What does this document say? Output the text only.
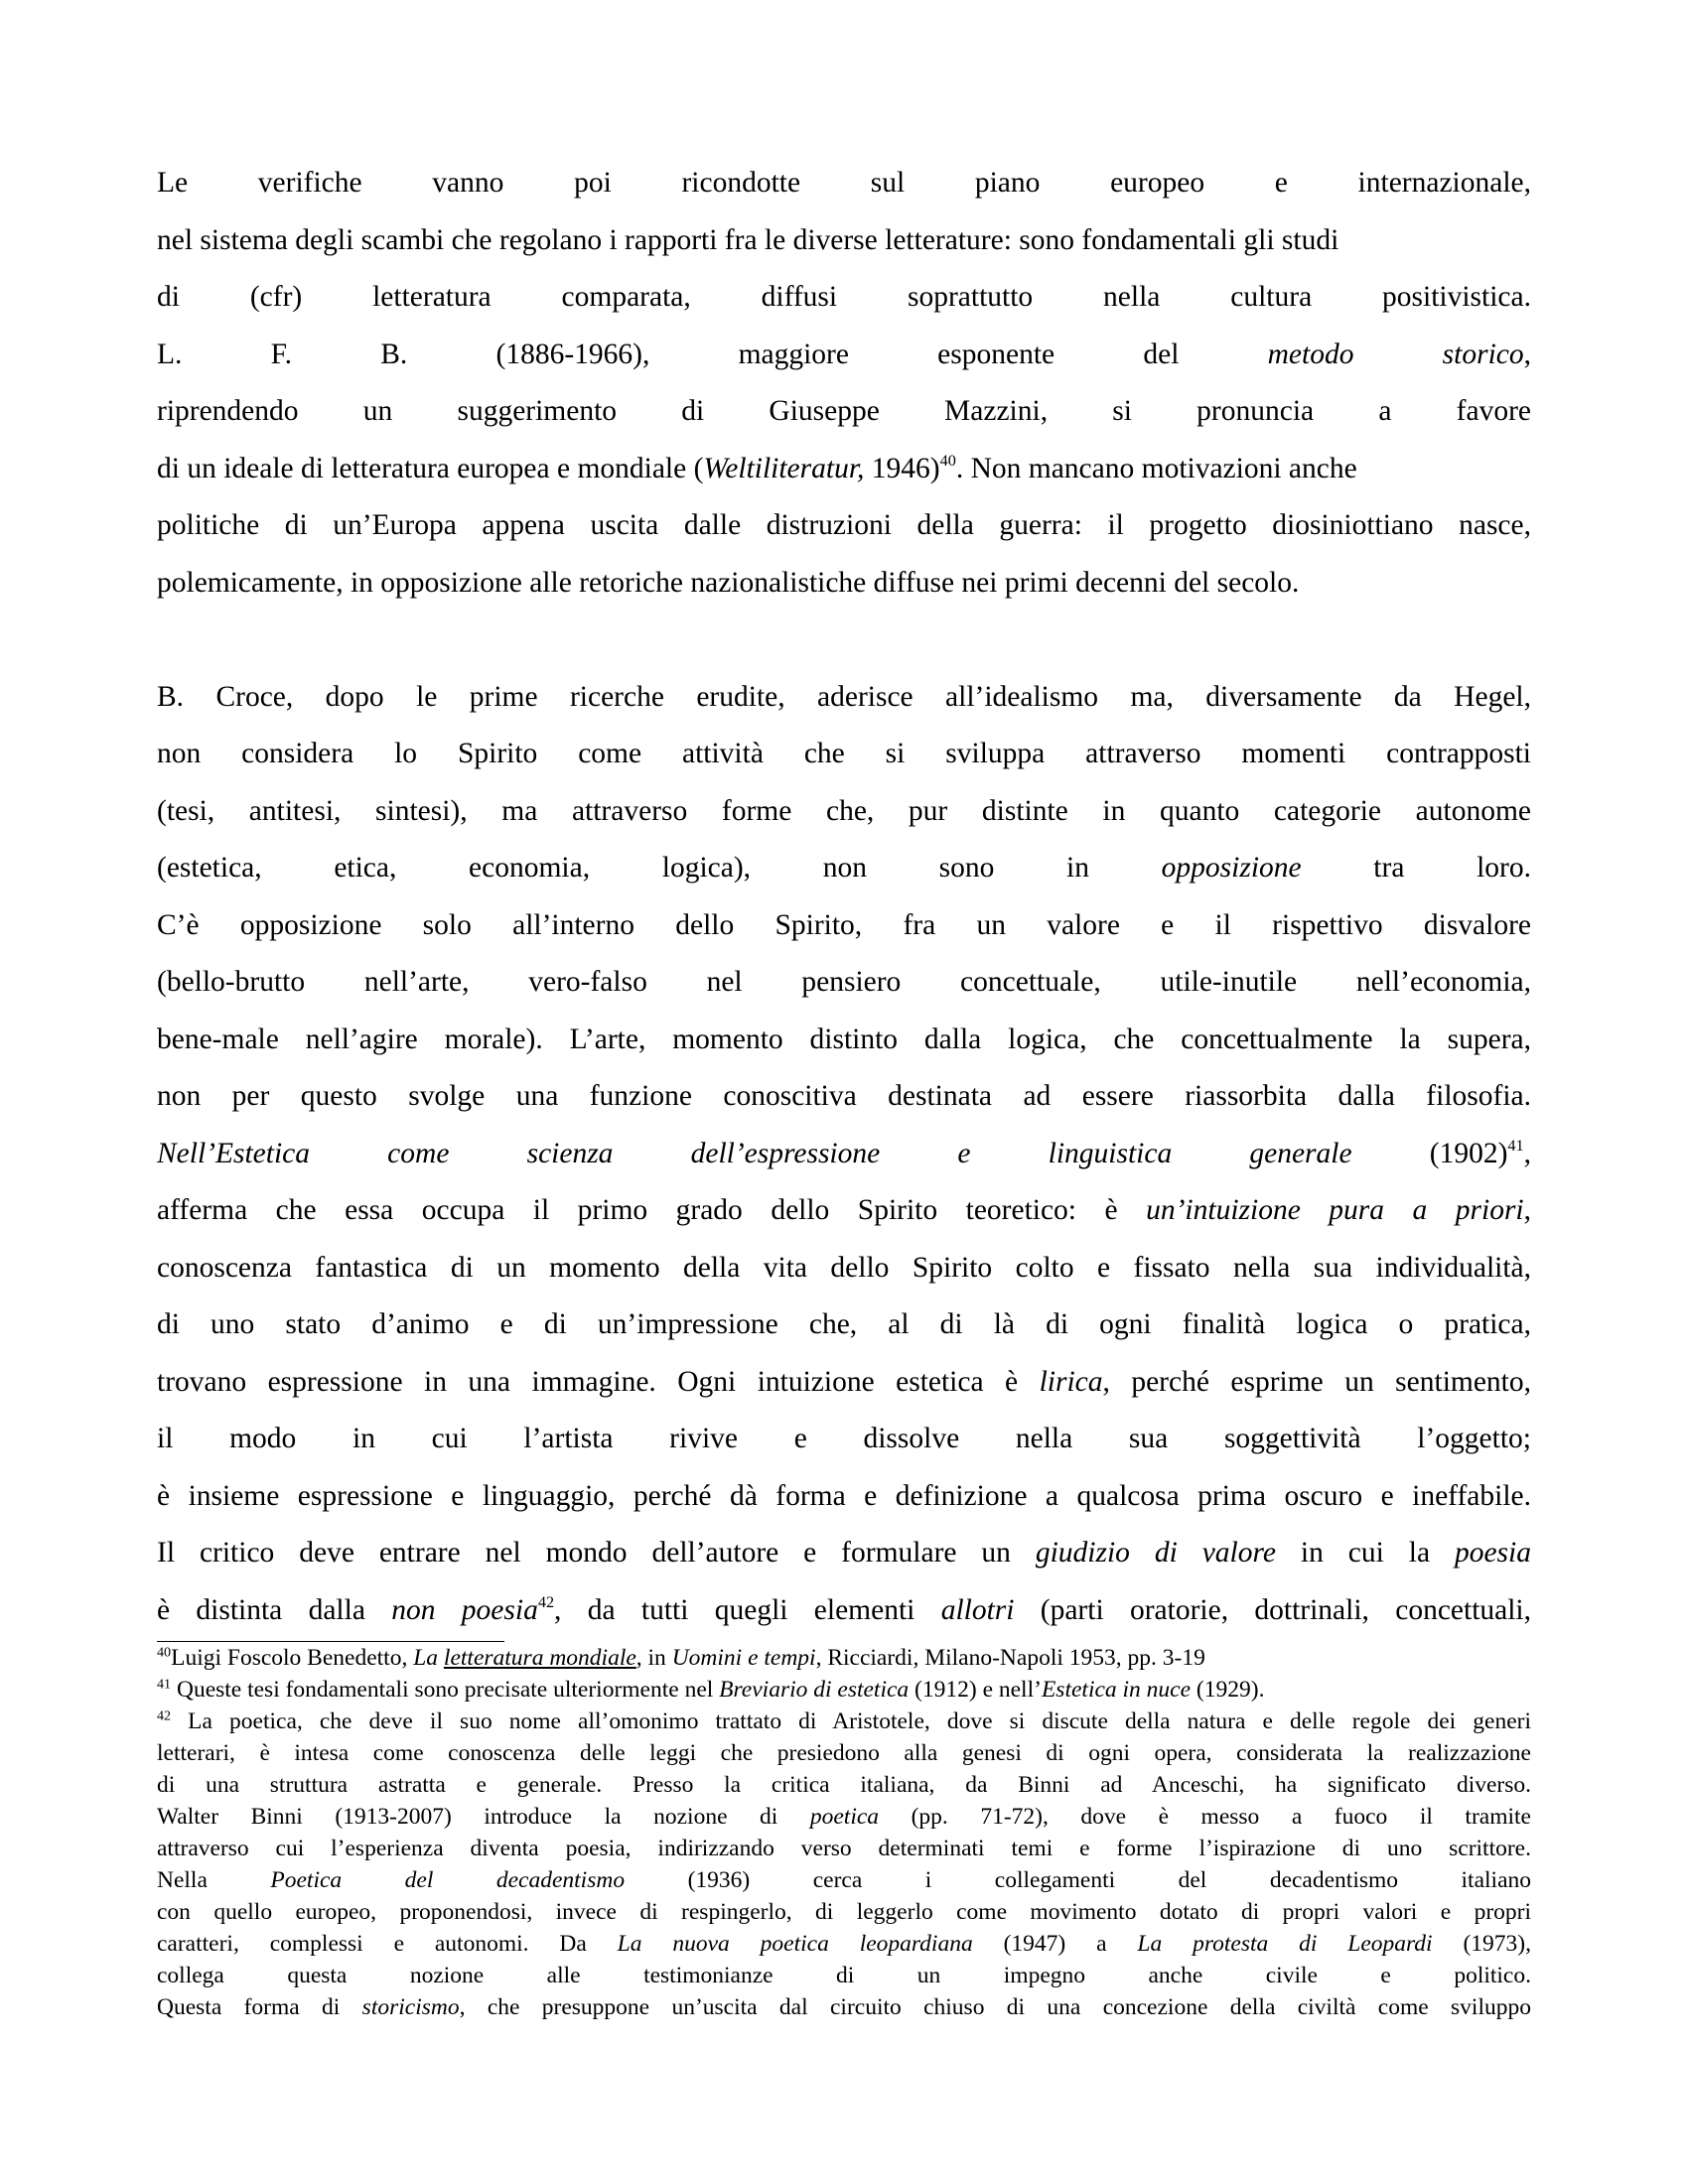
Le verifiche vanno poi ricondotte sul piano europeo e internazionale,
nel sistema degli scambi che regolano i rapporti fra le diverse letterature: sono fondamentali gli studi
di (cfr) letteratura comparata, diffusi soprattutto nella cultura positivistica.
L. F. B. (1886-1966), maggiore esponente del metodo storico,
riprendendo un suggerimento di Giuseppe Mazzini, si pronuncia a favore
di un ideale di letteratura europea e mondiale (Weltiliteratur, 1946)$^{40}$. Non mancano motivazioni anche
politiche di un’Europa appena uscita dalle distruzioni della guerra: il progetto diosiniottiano nasce,
polemicamente, in opposizione alle retoriche nazionalistiche diffuse nei primi decenni del secolo.
B. Croce, dopo le prime ricerche erudite, aderisce all’idealismo ma, diversamente da Hegel,
non considera lo Spirito come attività che si sviluppa attraverso momenti contrapposti
(tesi, antitesi, sintesi), ma attraverso forme che, pur distinte in quanto categorie autonome
(estetica, etica, economia, logica), non sono in opposizione tra loro.
C’è opposizione solo all’interno dello Spirito, fra un valore e il rispettivo disvalore
(bello-brutto nell’arte, vero-falso nel pensiero concettuale, utile-inutile nell’economia,
bene-male nell’agire morale). L’arte, momento distinto dalla logica, che concettualmente la supera,
non per questo svolge una funzione conoscitiva destinata ad essere riassorbita dalla filosofia.
Nell’Estetica come scienza dell’espressione e linguistica generale $(1902)^{41}$,
afferma che essa occupa il primo grado dello Spirito teoretico: è un’intuizione pura a priori,
conoscenza fantastica di un momento della vita dello Spirito colto e fissato nella sua individualità,
di uno stato d’animo e di un’impressione che, al di là di ogni finalità logica o pratica,
trovano espressione in una immagine. Ogni intuizione estetica è lirica, perché esprime un sentimento,
il modo in cui l’artista rivive e dissolve nella sua soggettività l’oggetto;
è insieme espressione e linguaggio, perché dà forma e definizione a qualcosa prima oscuro e ineffabile.
Il critico deve entrare nel mondo dell’autore e formulare un giudizio di valore in cui la poesia
è distinta dalla non poesia$^{42}$, da tutti quegli elementi allotri (parti oratorie, dottrinali, concettuali,
$^{40}$Luigi Foscolo Benedetto, La letteratura mondiale, in Uomini e tempi, Ricciardi, Milano-Napoli 1953, pp. 3-19
$^{41}$ Queste tesi fondamentali sono precisate ulteriormente nel Breviario di estetica (1912) e nell’Estetica in nuce (1929).
$^{42}$ La poetica, che deve il suo nome all’omonimo trattato di Aristotele, dove si discute della natura e delle regole dei generi
letterari, è intesa come conoscenza delle leggi che presiedono alla genesi di ogni opera, considerata la realizzazione
di una struttura astratta e generale. Presso la critica italiana, da Binni ad Anceschi, ha significato diverso.
Walter Binni (1913-2007) introduce la nozione di poetica (pp. 71-72), dove è messo a fuoco il tramite
attraverso cui l’esperienza diventa poesia, indirizzando verso determinati temi e forme l’ispirazione di uno scrittore.
Nella Poetica del decadentismo (1936) cerca i collegamenti del decadentismo italiano
con quello europeo, proponendosi, invece di respingerlo, di leggerlo come movimento dotato di propri valori e propri
caratteri, complessi e autonomi. Da La nuova poetica leopardiana (1947) a La protesta di Leopardi (1973),
collega questa nozione alle testimonianze di un impegno anche civile e politico.
Questa forma di storicismo, che presuppone un’uscita dal circuito chiuso di una concezione della civiltà come sviluppo
